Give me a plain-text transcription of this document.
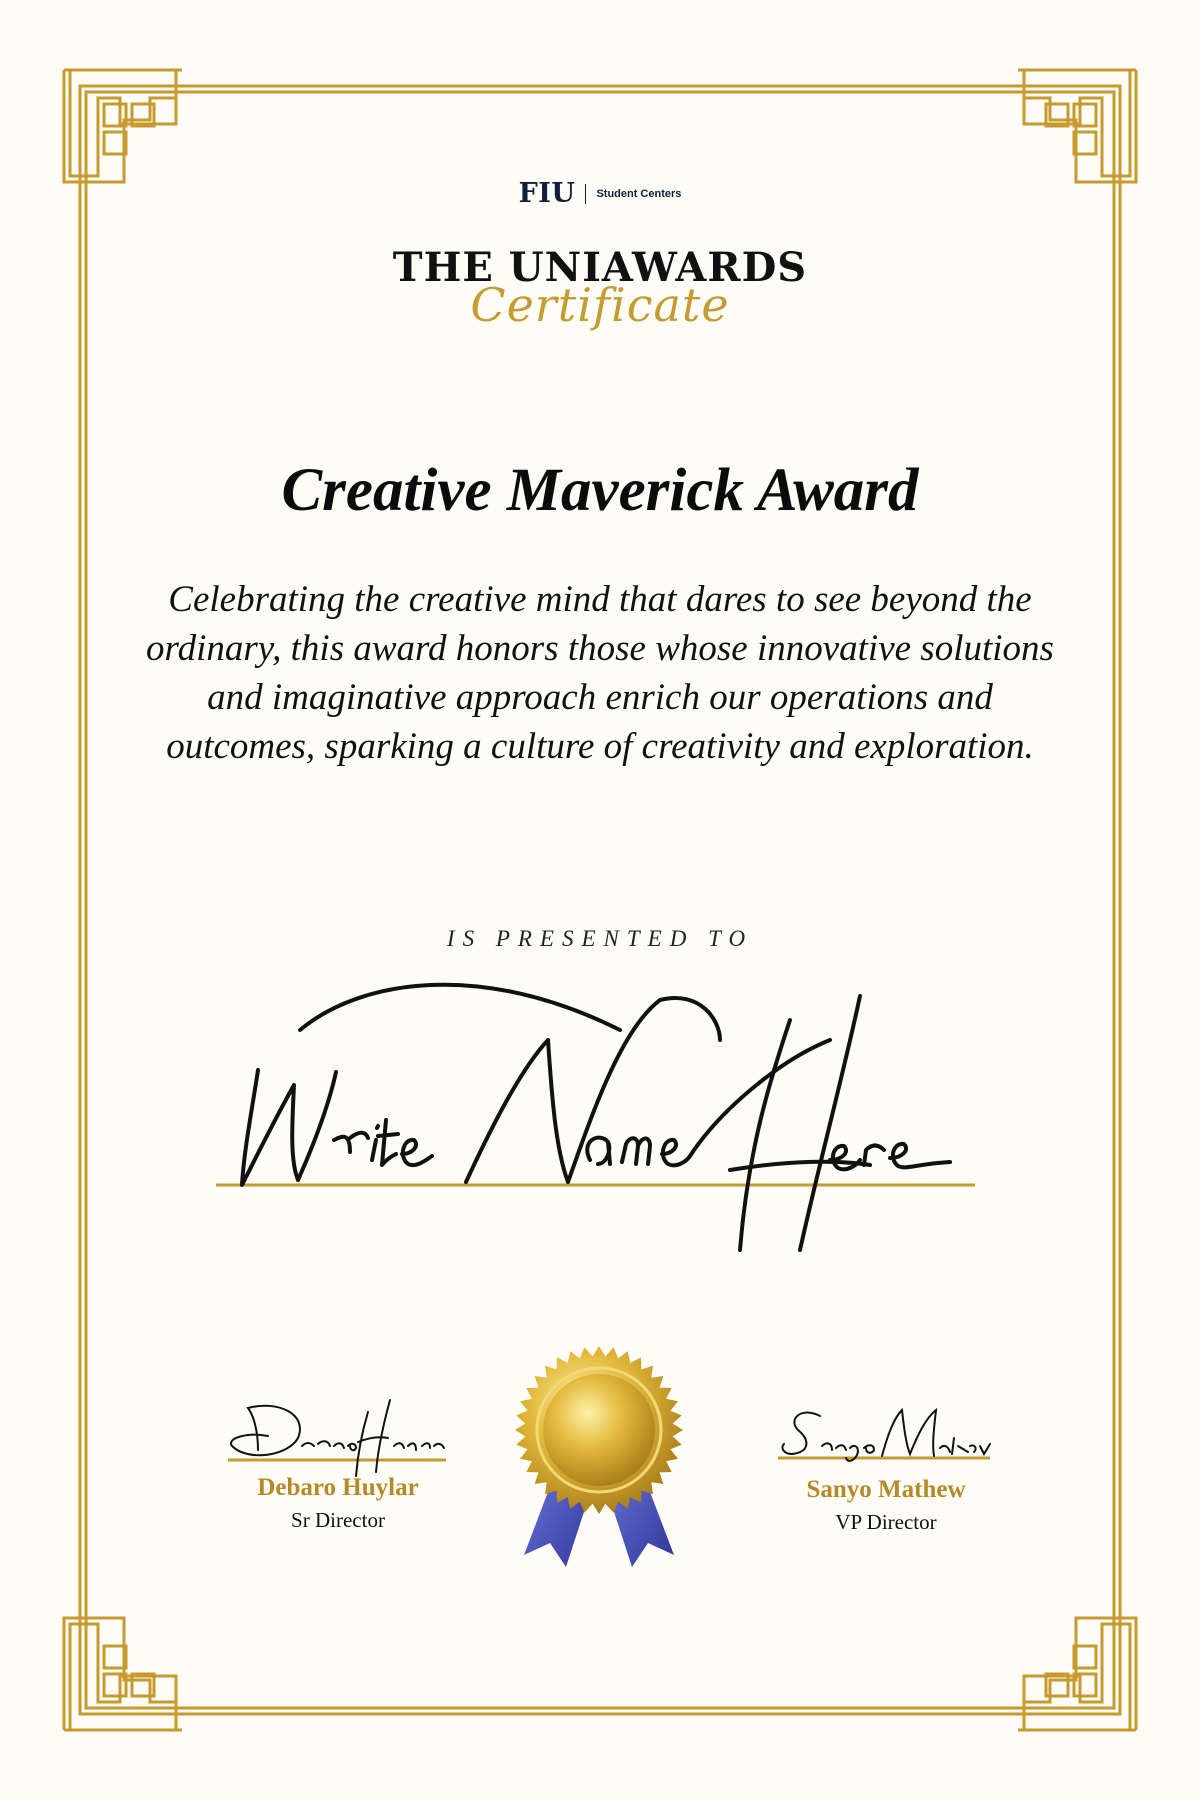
FIU Student Centers
THE UNIAWARDS
Certificate
Creative Maverick Award
Celebrating the creative mind that dares to see beyond the ordinary, this award honors those whose innovative solutions and imaginative approach enrich our operations and outcomes, sparking a culture of creativity and exploration.
IS PRESENTED TO
Debaro Huylar
Sr Director
Sanyo Mathew
VP Director
